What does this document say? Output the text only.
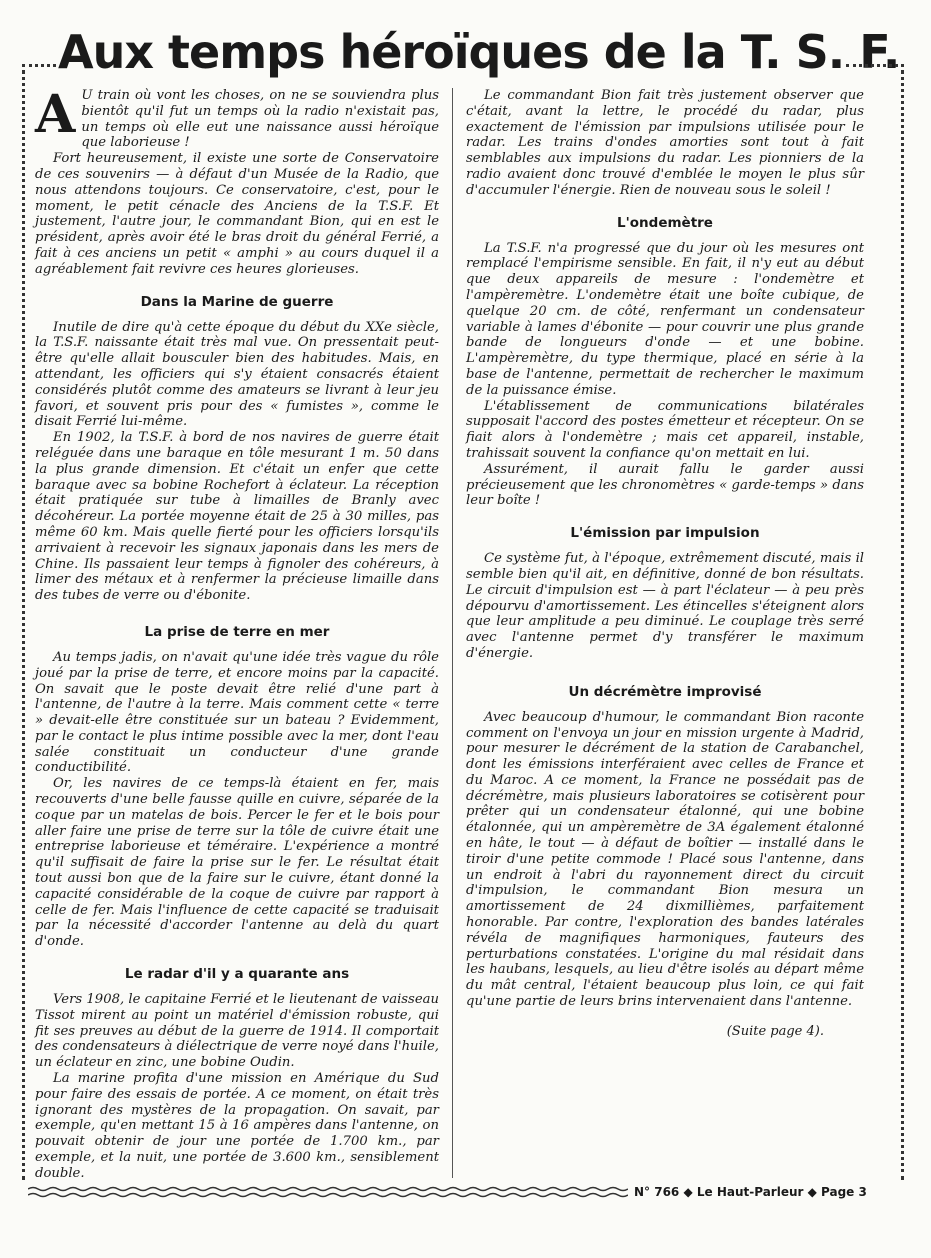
Aux temps héroïques de la T. S. F.

A U train où vont les choses, on ne se souviendra plus bientôt qu'il fut un temps où la radio n'existait pas, un temps où elle eut une naissance aussi héroïque que laborieuse !

Fort heureusement, il existe une sorte de Conservatoire de ces souvenirs — à défaut d'un Musée de la Radio, que nous attendons toujours. Ce conservatoire, c'est, pour le moment, le petit cénacle des Anciens de la T.S.F. Et justement, l'autre jour, le commandant Bion, qui en est le président, après avoir été le bras droit du général Ferrié, a fait à ces anciens un petit « amphi » au cours duquel il a agréablement fait revivre ces heures glorieuses.

Dans la Marine de guerre

Inutile de dire qu'à cette époque du début du XXe siècle, la T.S.F. naissante était très mal vue. On pressentait peut-être qu'elle allait bousculer bien des habitudes. Mais, en attendant, les officiers qui s'y étaient consacrés étaient considérés plutôt comme des amateurs se livrant à leur jeu favori, et souvent pris pour des « fumistes », comme le disait Ferrié lui-même.

En 1902, la T.S.F. à bord de nos navires de guerre était reléguée dans une baraque en tôle mesurant 1 m. 50 dans la plus grande dimension. Et c'était un enfer que cette baraque avec sa bobine Rochefort à éclateur. La réception était pratiquée sur tube à limailles de Branly avec décohéreur. La portée moyenne était de 25 à 30 milles, pas même 60 km. Mais quelle fierté pour les officiers lorsqu'ils arrivaient à recevoir les signaux japonais dans les mers de Chine. Ils passaient leur temps à fignoler des cohéreurs, à limer des métaux et à renfermer la précieuse limaille dans des tubes de verre ou d'ébonite.

La prise de terre en mer

Au temps jadis, on n'avait qu'une idée très vague du rôle joué par la prise de terre, et encore moins par la capacité. On savait que le poste devait être relié d'une part à l'antenne, de l'autre à la terre. Mais comment cette « terre » devait-elle être constituée sur un bateau ? Evidemment, par le contact le plus intime possible avec la mer, dont l'eau salée constituait un conducteur d'une grande conductibilité.

Or, les navires de ce temps-là étaient en fer, mais recouverts d'une belle fausse quille en cuivre, séparée de la coque par un matelas de bois. Percer le fer et le bois pour aller faire une prise de terre sur la tôle de cuivre était une entreprise laborieuse et téméraire. L'expérience a montré qu'il suffisait de faire la prise sur le fer. Le résultat était tout aussi bon que de la faire sur le cuivre, étant donné la capacité considérable de la coque de cuivre par rapport à celle de fer. Mais l'influence de cette capacité se traduisait par la nécessité d'accorder l'antenne au delà du quart d'onde.

Le radar d'il y a quarante ans

Vers 1908, le capitaine Ferrié et le lieutenant de vaisseau Tissot mirent au point un matériel d'émission robuste, qui fit ses preuves au début de la guerre de 1914. Il comportait des condensateurs à diélectrique de verre noyé dans l'huile, un éclateur en zinc, une bobine Oudin.

La marine profita d'une mission en Amérique du Sud pour faire des essais de portée. A ce moment, on était très ignorant des mystères de la propagation. On savait, par exemple, qu'en mettant 15 à 16 ampères dans l'antenne, on pouvait obtenir de jour une portée de 1.700 km., par exemple, et la nuit, une portée de 3.600 km., sensiblement double.

Le commandant Bion fait très justement observer que c'était, avant la lettre, le procédé du radar, plus exactement de l'émission par impulsions utilisée pour le radar. Les trains d'ondes amorties sont tout à fait semblables aux impulsions du radar. Les pionniers de la radio avaient donc trouvé d'emblée le moyen le plus sûr d'accumuler l'énergie. Rien de nouveau sous le soleil !

L'ondemètre

La T.S.F. n'a progressé que du jour où les mesures ont remplacé l'empirisme sensible. En fait, il n'y eut au début que deux appareils de mesure : l'ondemètre et l'ampèremètre. L'ondemètre était une boîte cubique, de quelque 20 cm. de côté, renfermant un condensateur variable à lames d'ébonite — pour couvrir une plus grande bande de longueurs d'onde — et une bobine. L'ampèremètre, du type thermique, placé en série à la base de l'antenne, permettait de rechercher le maximum de la puissance émise.

L'établissement de communications bilatérales supposait l'accord des postes émetteur et récepteur. On se fiait alors à l'ondemètre ; mais cet appareil, instable, trahissait souvent la confiance qu'on mettait en lui.

Assurément, il aurait fallu le garder aussi précieusement que les chronomètres « garde-temps » dans leur boîte !

L'émission par impulsion

Ce système fut, à l'époque, extrêmement discuté, mais il semble bien qu'il ait, en définitive, donné de bon résultats. Le circuit d'impulsion est — à part l'éclateur — à peu près dépourvu d'amortissement. Les étincelles s'éteignent alors que leur amplitude a peu diminué. Le couplage très serré avec l'antenne permet d'y transférer le maximum d'énergie.

Un décrémètre improvisé

Avec beaucoup d'humour, le commandant Bion raconte comment on l'envoya un jour en mission urgente à Madrid, pour mesurer le décrément de la station de Carabanchel, dont les émissions interféraient avec celles de France et du Maroc. A ce moment, la France ne possédait pas de décrémètre, mais plusieurs laboratoires se cotisèrent pour prêter qui un condensateur étalonné, qui une bobine étalonnée, qui un ampèremètre de 3A également étalonné en hâte, le tout — à défaut de boîtier — installé dans le tiroir d'une petite commode ! Placé sous l'antenne, dans un endroit à l'abri du rayonnement direct du circuit d'impulsion, le commandant Bion mesura un amortissement de 24 dixmillièmes, parfaitement honorable. Par contre, l'exploration des bandes latérales révéla de magnifiques harmoniques, fauteurs des perturbations constatées. L'origine du mal résidait dans les haubans, lesquels, au lieu d'être isolés au départ même du mât central, l'étaient beaucoup plus loin, ce qui fait qu'une partie de leurs brins intervenaient dans l'antenne.

(Suite page 4).
N° 766 ◆ Le Haut-Parleur ◆ Page 3
